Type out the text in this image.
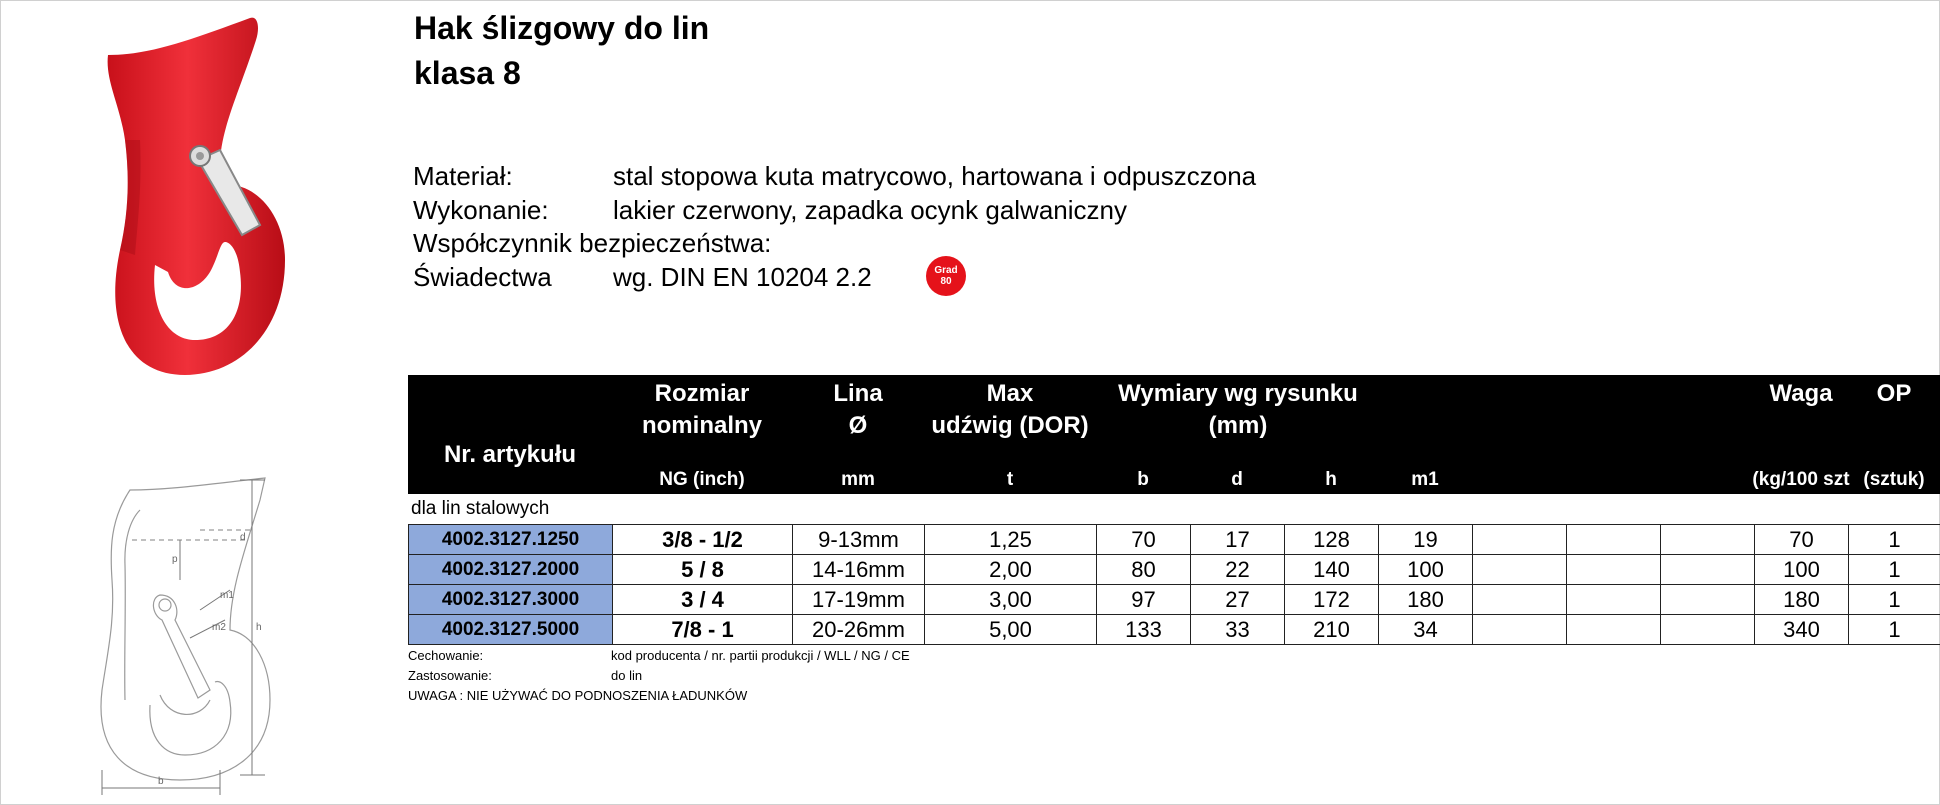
p
m1
m2
d
h
b
Hak ślizgowy do lin
klasa 8
Materiał:	stal stopowa kuta matrycowo, hartowana i odpuszczona
Wykonanie: lakier czerwony, zapadka ocynk galwaniczny
Współczynnik bezpieczeństwa:
Świadectwa wg. DIN EN 10204 2.2	Grad
80
Nr. artykułu
Rozmiar
nominalny
NG (inch)
Lina
Ø
mm
Max
udźwig (DOR)
t
Wymiary wg rysunku
(mm)
b	d	h	m1
Waga
(kg/100 szt
OP
(sztuk)
dla lin stalowych
4002.3127.1250	3/8 - 1/2	9-13mm	1,25	70	17	128	19				70	1
4002.3127.2000	5 / 8	14-16mm	2,00	80	22	140	100				100	1
4002.3127.3000	3 / 4	17-19mm	3,00	97	27	172	180				180	1
4002.3127.5000	7/8 - 1	20-26mm	5,00	133	33	210	34				340	1
Cechowanie:	kod producenta / nr. partii produkcji / WLL / NG / CE
Zastosowanie:	do lin
UWAGA : NIE UŻYWAĆ DO PODNOSZENIA ŁADUNKÓW
